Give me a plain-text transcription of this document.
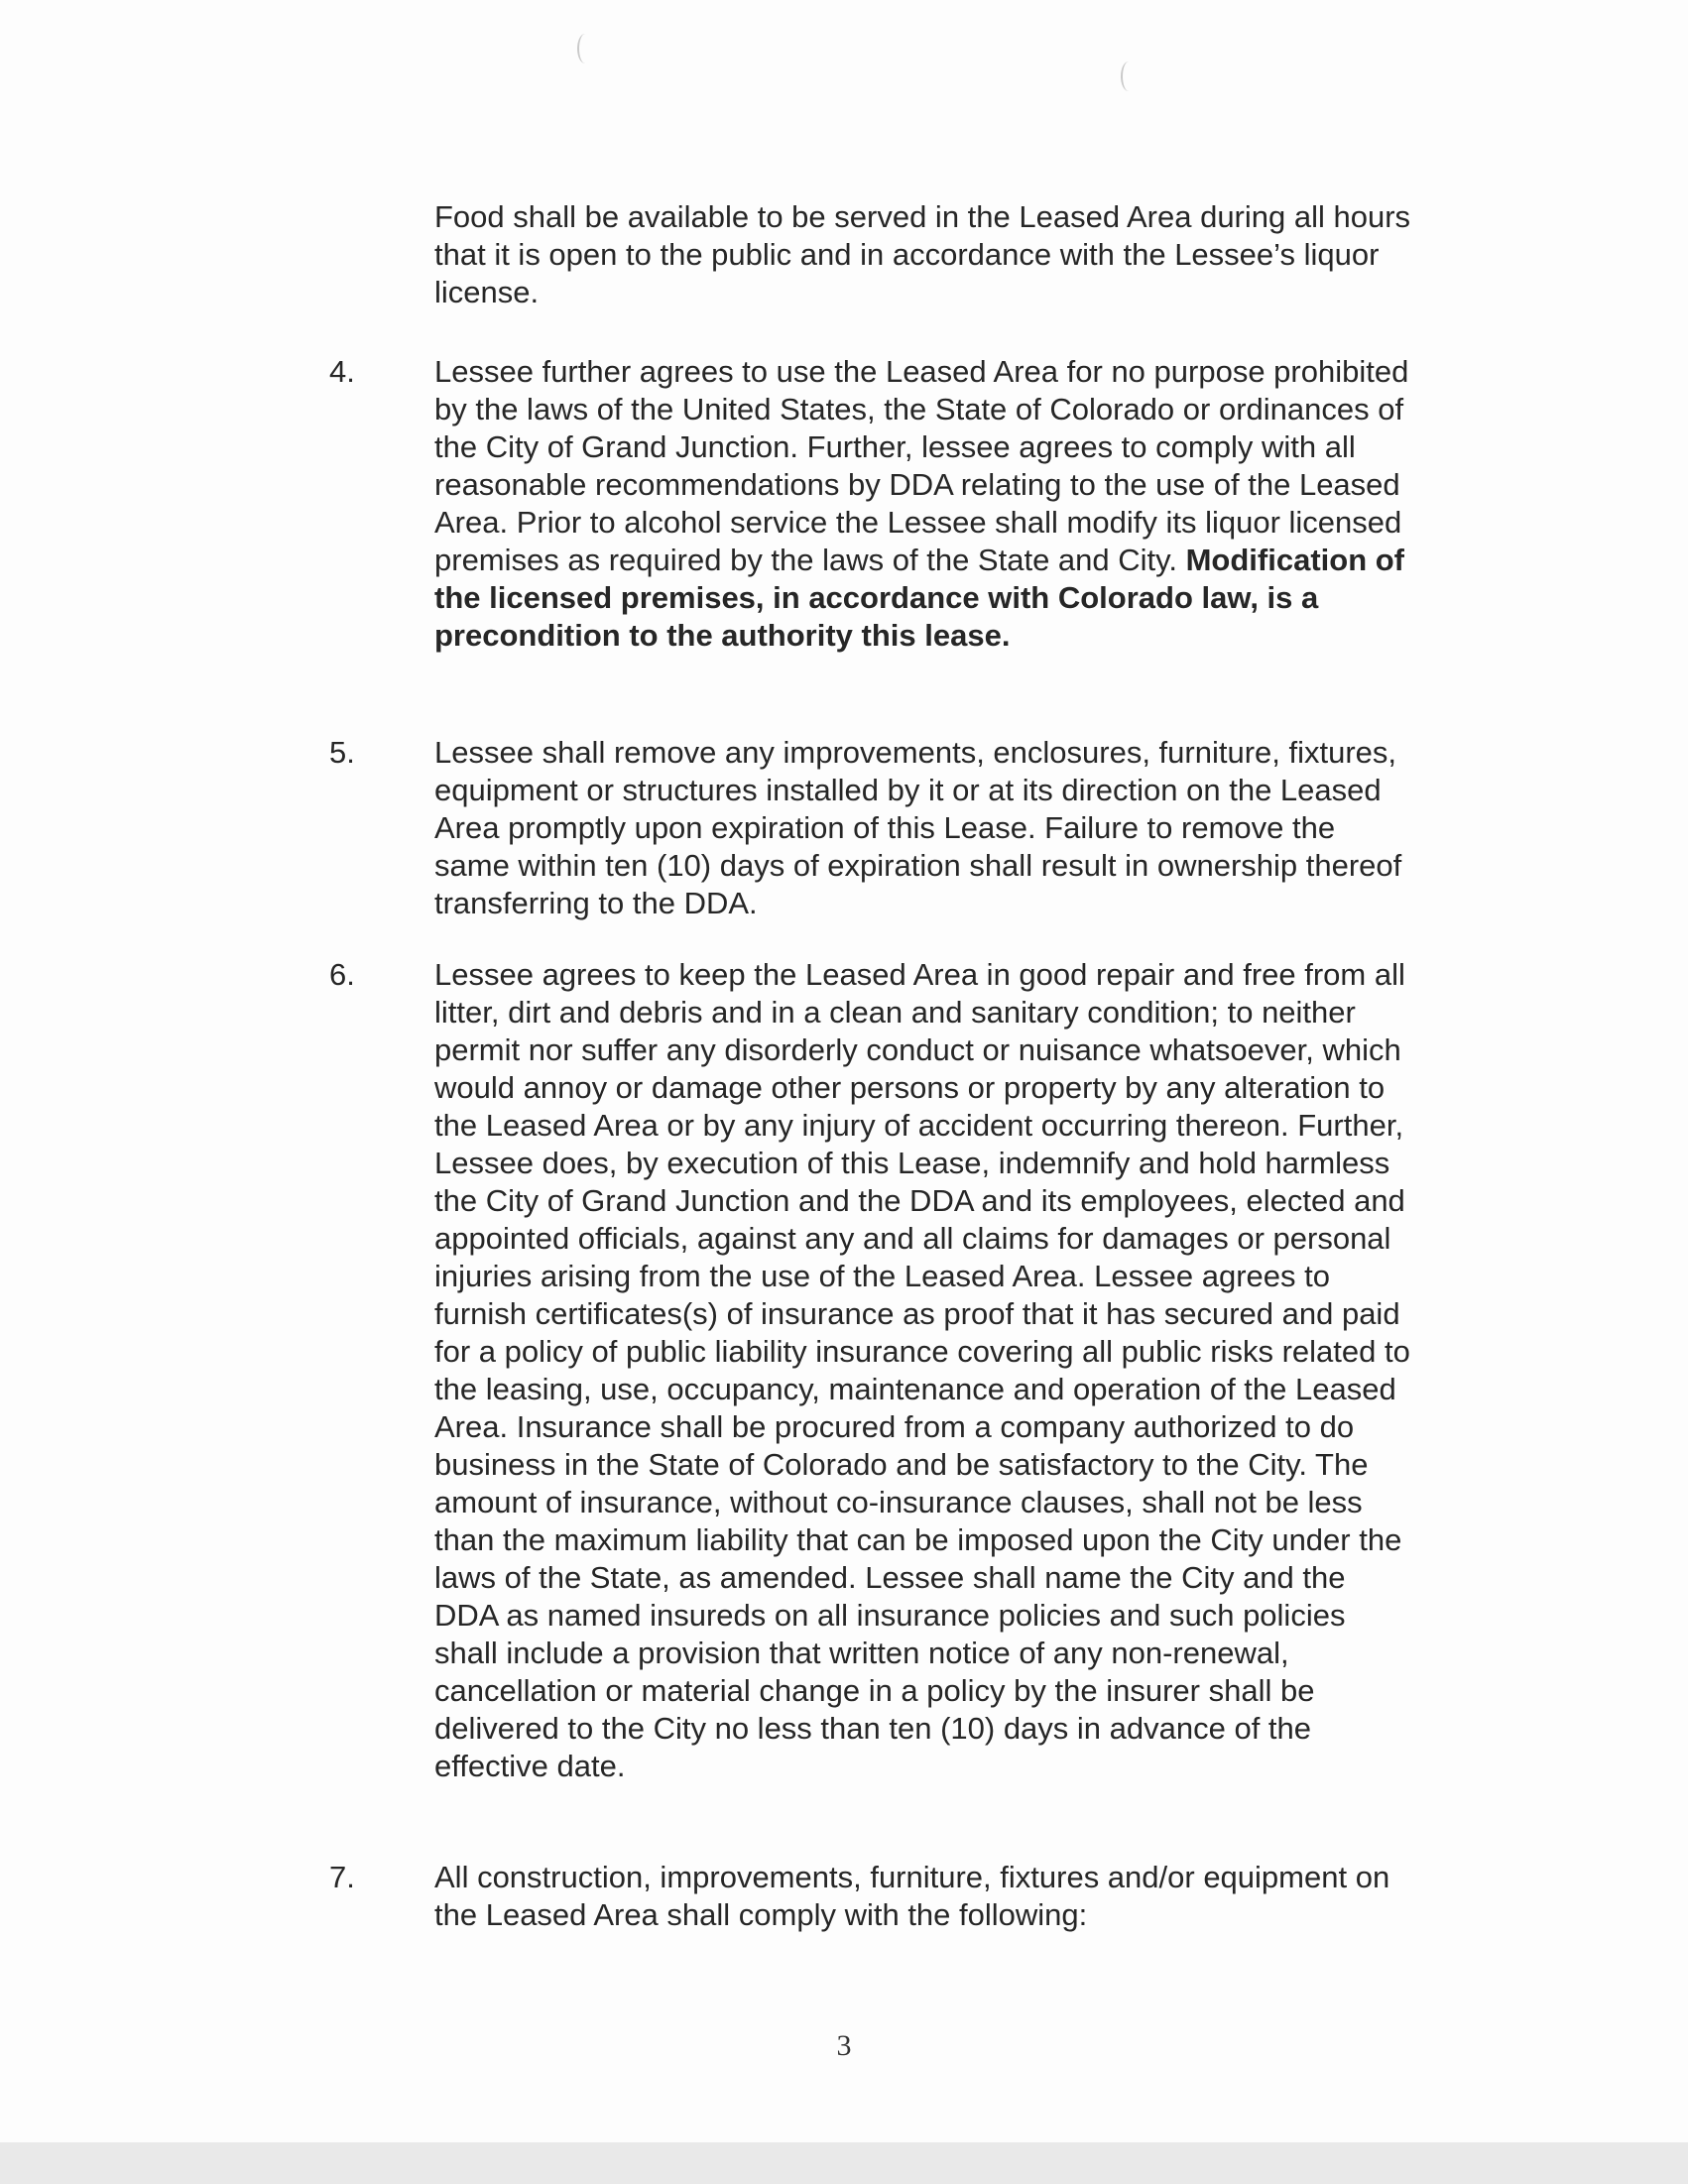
Food shall be available to be served in the Leased Area during all hours that it is open to the public and in accordance with the Lessee’s liquor license.
4.	Lessee further agrees to use the Leased Area for no purpose prohibited by the laws of the United States, the State of Colorado or ordinances of the City of Grand Junction. Further, lessee agrees to comply with all reasonable recommendations by DDA relating to the use of the Leased Area. Prior to alcohol service the Lessee shall modify its liquor licensed premises as required by the laws of the State and City. Modification of the licensed premises, in accordance with Colorado law, is a precondition to the authority this lease.
5.	Lessee shall remove any improvements, enclosures, furniture, fixtures, equipment or structures installed by it or at its direction on the Leased Area promptly upon expiration of this Lease. Failure to remove the same within ten (10) days of expiration shall result in ownership thereof transferring to the DDA.
6.	Lessee agrees to keep the Leased Area in good repair and free from all litter, dirt and debris and in a clean and sanitary condition; to neither permit nor suffer any disorderly conduct or nuisance whatsoever, which would annoy or damage other persons or property by any alteration to the Leased Area or by any injury of accident occurring thereon. Further, Lessee does, by execution of this Lease, indemnify and hold harmless the City of Grand Junction and the DDA and its employees, elected and appointed officials, against any and all claims for damages or personal injuries arising from the use of the Leased Area. Lessee agrees to furnish certificates(s) of insurance as proof that it has secured and paid for a policy of public liability insurance covering all public risks related to the leasing, use, occupancy, maintenance and operation of the Leased Area. Insurance shall be procured from a company authorized to do business in the State of Colorado and be satisfactory to the City. The amount of insurance, without co-insurance clauses, shall not be less than the maximum liability that can be imposed upon the City under the laws of the State, as amended. Lessee shall name the City and the DDA as named insureds on all insurance policies and such policies shall include a provision that written notice of any non-renewal, cancellation or material change in a policy by the insurer shall be delivered to the City no less than ten (10) days in advance of the effective date.
7.	All construction, improvements, furniture, fixtures and/or equipment on the Leased Area shall comply with the following:
3
